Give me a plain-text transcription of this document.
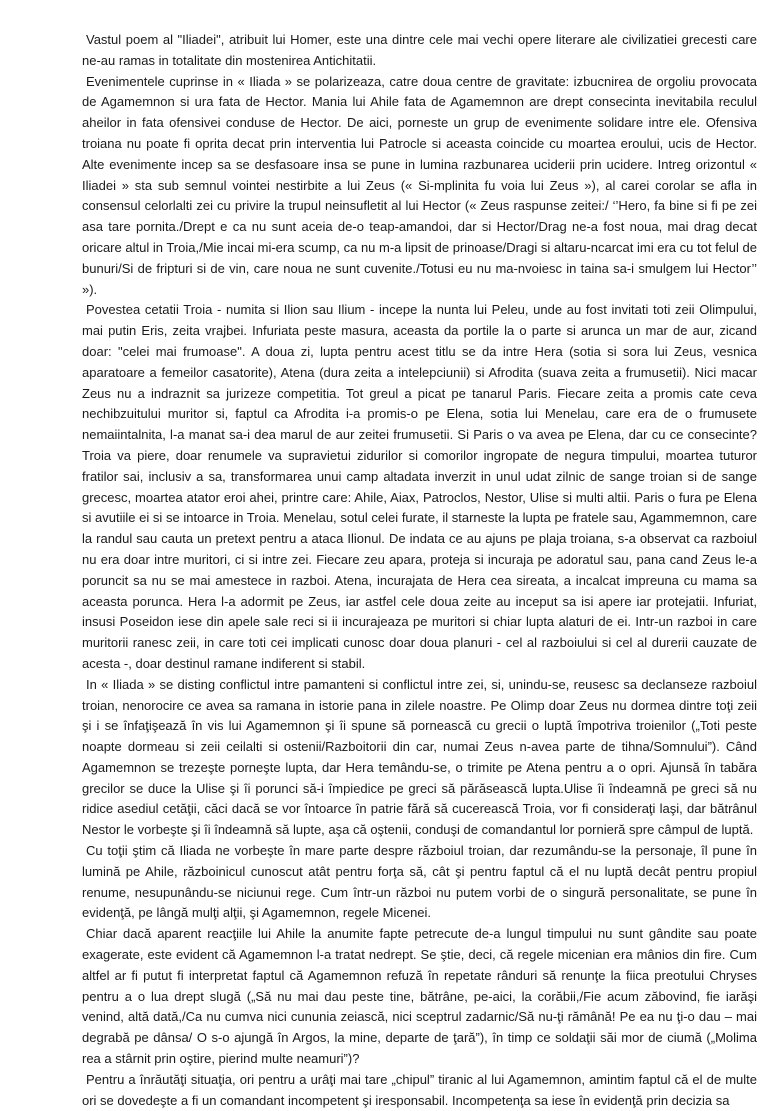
Vastul poem al "Iliadei", atribuit lui Homer, este una dintre cele mai vechi opere literare ale civilizatiei grecesti care ne-au ramas in totalitate din mostenirea Antichitatii.

Evenimentele cuprinse in « Iliada » se polarizeaza, catre doua centre de gravitate: izbucnirea de orgoliu provocata de Agamemnon si ura fata de Hector. Mania lui Ahile fata de Agamemnon are drept consecinta inevitabila reculul aheilor in fata ofensivei conduse de Hector. De aici, porneste un grup de evenimente solidare intre ele. Ofensiva troiana nu poate fi oprita decat prin interventia lui Patrocle si aceasta coincide cu moartea eroului, ucis de Hector. Alte evenimente incep sa se desfasoare insa se pune in lumina razbunarea uciderii prin ucidere. Intreg orizontul « Iliadei » sta sub semnul vointei nestirbite a lui Zeus (« Si-mplinita fu voia lui Zeus »), al carei corolar se afla in consensul celorlalti zei cu privire la trupul neinsufletit al lui Hector (« Zeus raspunse zeitei:/ ‘’Hero, fa bine si fi pe zei asa tare pornita./Drept e ca nu sunt aceia de-o teap-amandoi, dar si Hector/Drag ne-a fost noua, mai drag decat oricare altul in Troia,/Mie incai mi-era scump, ca nu m-a lipsit de prinoase/Dragi si altaru-ncarcat imi era cu tot felul de bunuri/Si de fripturi si de vin, care noua ne sunt cuvenite./Totusi eu nu ma-nvoiesc in taina sa-i smulgem lui Hector’’ »).

Povestea cetatii Troia - numita si Ilion sau Ilium - incepe la nunta lui Peleu, unde au fost invitati toti zeii Olimpului, mai putin Eris, zeita vrajbei. Infuriata peste masura, aceasta da portile la o parte si arunca un mar de aur, zicand doar: "celei mai frumoase". A doua zi, lupta pentru acest titlu se da intre Hera (sotia si sora lui Zeus, vesnica aparatoare a femeilor casatorite), Atena (dura zeita a intelepciunii) si Afrodita (suava zeita a frumusetii). Nici macar Zeus nu a indraznit sa jurizeze competitia. Tot greul a picat pe tanarul Paris. Fiecare zeita a promis cate ceva nechibzuitului muritor si, faptul ca Afrodita i-a promis-o pe Elena, sotia lui Menelau, care era de o frumusete nemaiintalnita, l-a manat sa-i dea marul de aur zeitei frumusetii. Si Paris o va avea pe Elena, dar cu ce consecinte? Troia va piere, doar renumele va supravietui zidurilor si comorilor ingropate de negura timpului, moartea tuturor fratilor sai, inclusiv a sa, transformarea unui camp altadata inverzit in unul udat zilnic de sange troian si de sange grecesc, moartea atator eroi ahei, printre care: Ahile, Aiax, Patroclos, Nestor, Ulise si multi altii. Paris o fura pe Elena si avutiile ei si se intoarce in Troia. Menelau, sotul celei furate, il starneste la lupta pe fratele sau, Agammemnon, care la randul sau cauta un pretext pentru a ataca Ilionul. De indata ce au ajuns pe plaja troiana, s-a observat ca razboiul nu era doar intre muritori, ci si intre zei. Fiecare zeu apara, proteja si incuraja pe adoratul sau, pana cand Zeus le-a poruncit sa nu se mai amestece in razboi. Atena, incurajata de Hera cea sireata, a incalcat impreuna cu mama sa aceasta porunca. Hera l-a adormit pe Zeus, iar astfel cele doua zeite au inceput sa isi apere iar protejatii. Infuriat, insusi Poseidon iese din apele sale reci si ii incurajeaza pe muritori si chiar lupta alaturi de ei. Intr-un razboi in care muritorii ranesc zeii, in care toti cei implicati cunosc doar doua planuri - cel al razboiului si cel al durerii cauzate de acesta -, doar destinul ramane indiferent si stabil.

In « Iliada » se disting conflictul intre pamanteni si conflictul intre zei, si, unindu-se, reusesc sa declanseze razboiul troian, nenorocire ce avea sa ramana in istorie pana in zilele noastre. Pe Olimp doar Zeus nu dormea dintre toţi zeii şi i se înfaţişează în vis lui Agamemnon şi îi spune să pornească cu grecii o luptă împotriva troienilor („Toti peste noapte dormeau si zeii ceilalti si ostenii/Razboitorii din car, numai Zeus n-avea parte de tihna/Somnului”). Când Agamemnon se trezeşte porneşte lupta, dar Hera temându-se, o trimite pe Atena pentru a o opri. Ajunsă în tabăra grecilor se duce la Ulise şi îi porunci să-i împiedice pe greci să părăsească lupta.Ulise îi îndeamnă pe greci să nu ridice asediul cetăţii, căci dacă se vor întoarce în patrie fără să cucerească Troia, vor fi consideraţi laşi, dar bătrânul Nestor le vorbeşte şi îi îndeamnă să lupte, aşa că oştenii, conduşi de comandantul lor pornieră spre câmpul de luptă.

Cu toţii ştim că Iliada ne vorbeşte în mare parte despre războiul troian, dar rezumându-se la personaje, îl pune în lumină pe Ahile, războinicul cunoscut atât pentru forţa să, cât şi pentru faptul că el nu luptă decât pentru propiul renume, nesupunându-se niciunui rege. Cum într-un război nu putem vorbi de o singură personalitate, se pune în evidenţă, pe lângă mulţi alţii, şi Agamemnon, regele Micenei.

Chiar dacă aparent reacţiile lui Ahile la anumite fapte petrecute de-a lungul timpului nu sunt gândite sau poate exagerate, este evident că Agamemnon l-a tratat nedrept. Se ştie, deci, că regele micenian era mânios din fire. Cum altfel ar fi putut fi interpretat faptul că Agamemnon refuză în repetate rânduri să renunţe la fiica preotului Chryses pentru a o lua drept slugă („Să nu mai dau peste tine, bătrâne, pe-aici, la corăbii,/Fie acum zăbovind, fie iarăşi venind, altă dată,/Ca nu cumva nici cununia zeiască, nici sceptrul zadarnic/Să nu-ţi rămână! Pe ea nu ţi-o dau – mai degrabă pe dânsa/ O s-o ajungă în Argos, la mine, departe de ţară”), în timp ce soldaţii săi mor de ciumă („Molima rea a stârnit prin oştire, pierind multe neamuri”)?

Pentru a înrăutăţi situaţia, ori pentru a urâţi mai tare „chipul” tiranic al lui Agamemnon, amintim faptul că el de multe ori se dovedeşte a fi un comandant incompetent şi iresponsabil. Incompetenţa sa iese în evidenţă prin decizia sa
